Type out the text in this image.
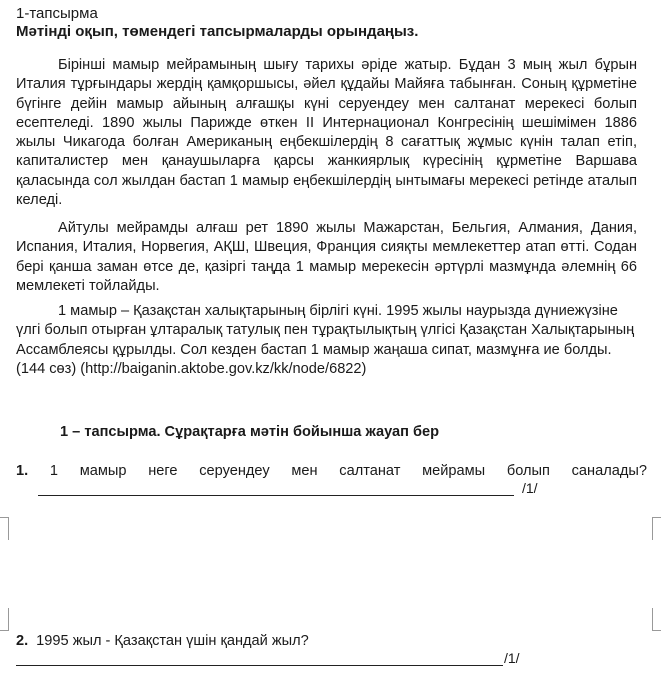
1-тапсырма
Мәтінді оқып, төмендегі тапсырмаларды орындаңыз.
Бірінші мамыр мейрамының шығу тарихы әріде жатыр. Бұдан 3 мың жыл бұрын Италия тұрғындары жердің қамқоршысы, әйел құдайы Майяға табынған. Соның құрметіне бүгінге дейін мамыр айының алғашқы күні серуендеу мен салтанат мерекесі болып есептеледі. 1890 жылы Парижде өткен ІІ Интернационал Конгресінің шешімімен 1886 жылы Чикагода болған Американың еңбекшілердің 8 сағаттық жұмыс күнін талап етіп, капиталистер мен қанаушыларға қарсы жанкиярлық күресінің құрметіне Варшава қаласында сол жылдан бастап 1 мамыр еңбекшілердің ынтымағы мерекесі ретінде аталып келеді.
Айтулы мейрамды алғаш рет 1890 жылы Мажарстан, Бельгия, Алмания, Дания, Испания, Италия, Норвегия, АҚШ, Швеция, Франция сияқты мемлекеттер атап өтті. Содан бері қанша заман өтсе де, қазіргі таңда 1 мамыр мерекесін әртүрлі мазмұнда әлемнің 66 мемлекеті тойлайды.
1 мамыр – Қазақстан халықтарының бірлігі күні. 1995 жылы наурызда дүниежүзіне үлгі болып отырған ұлтаралық татулық пен тұрақтылықтың үлгісі Қазақстан Халықтарының Ассамблеясы құрылды. Сол кезден бастап 1 мамыр жаңаша сипат, мазмұнға ие болды. (144 сөз) (http://baiganin.aktobe.gov.kz/kk/node/6822)
1 – тапсырма. Сұрақтарға мәтін бойынша жауап бер
1. 1 мамыр неге серуендеу мен салтанат мейрамы болып саналады?
/1/
2. 1995 жыл - Қазақстан үшін қандай жыл?
/1/
